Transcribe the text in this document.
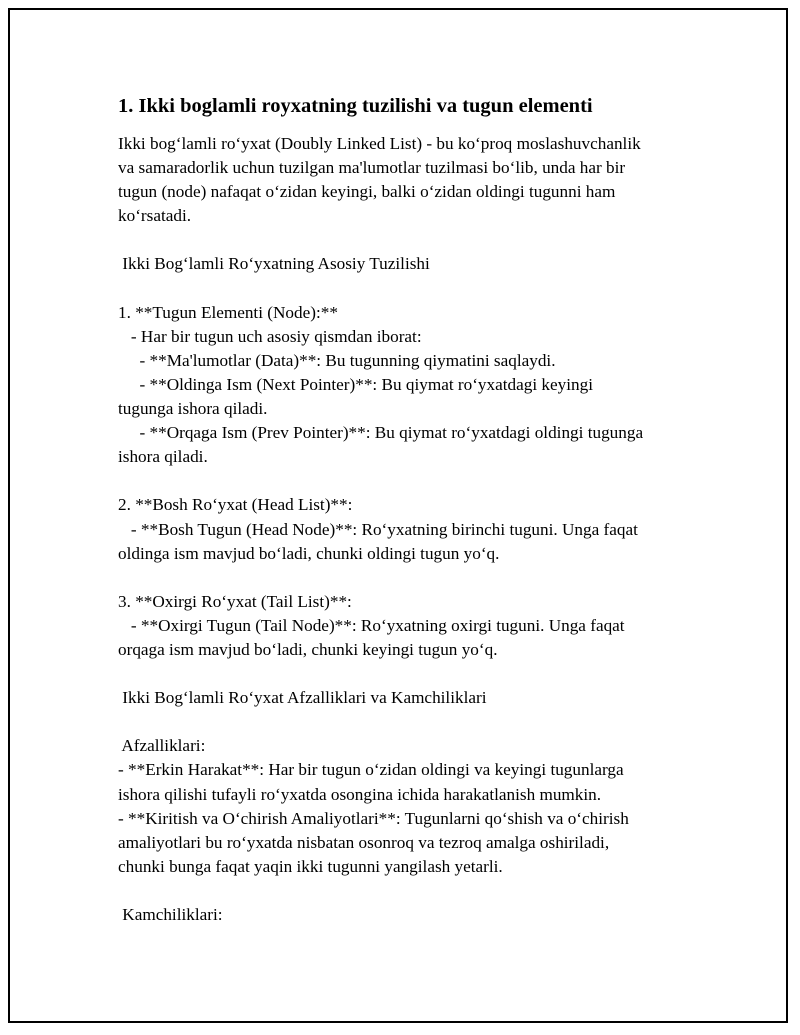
1. Ikki boglamli royxatning tuzilishi va tugun elementi
Ikki bog‘lamli ro‘yxat (Doubly Linked List) - bu ko‘proq moslashuvchanlik
va samaradorlik uchun tuzilgan ma'lumotlar tuzilmasi bo‘lib, unda har bir
tugun (node) nafaqat o‘zidan keyingi, balki o‘zidan oldingi tugunni ham
ko‘rsatadi.
Ikki Bog‘lamli Ro‘yxatning Asosiy Tuzilishi
1. **Tugun Elementi (Node):**
- Har bir tugun uch asosiy qismdan iborat:
- **Ma'lumotlar (Data)**: Bu tugunning qiymatini saqlaydi.
- **Oldinga Ism (Next Pointer)**: Bu qiymat ro‘yxatdagi keyingi
tugunga ishora qiladi.
- **Orqaga Ism (Prev Pointer)**: Bu qiymat ro‘yxatdagi oldingi tugunga
ishora qiladi.
2. **Bosh Ro‘yxat (Head List)**:
- **Bosh Tugun (Head Node)**: Ro‘yxatning birinchi tuguni. Unga faqat
oldinga ism mavjud bo‘ladi, chunki oldingi tugun yo‘q.
3. **Oxirgi Ro‘yxat (Tail List)**:
- **Oxirgi Tugun (Tail Node)**: Ro‘yxatning oxirgi tuguni. Unga faqat
orqaga ism mavjud bo‘ladi, chunki keyingi tugun yo‘q.
Ikki Bog‘lamli Ro‘yxat Afzalliklari va Kamchiliklari
Afzalliklari:
- **Erkin Harakat**: Har bir tugun o‘zidan oldingi va keyingi tugunlarga
ishora qilishi tufayli ro‘yxatda osongina ichida harakatlanish mumkin.
- **Kiritish va O‘chirish Amaliyotlari**: Tugunlarni qo‘shish va o‘chirish
amaliyotlari bu ro‘yxatda nisbatan osonroq va tezroq amalga oshiriladi,
chunki bunga faqat yaqin ikki tugunni yangilash yetarli.
Kamchiliklari:
